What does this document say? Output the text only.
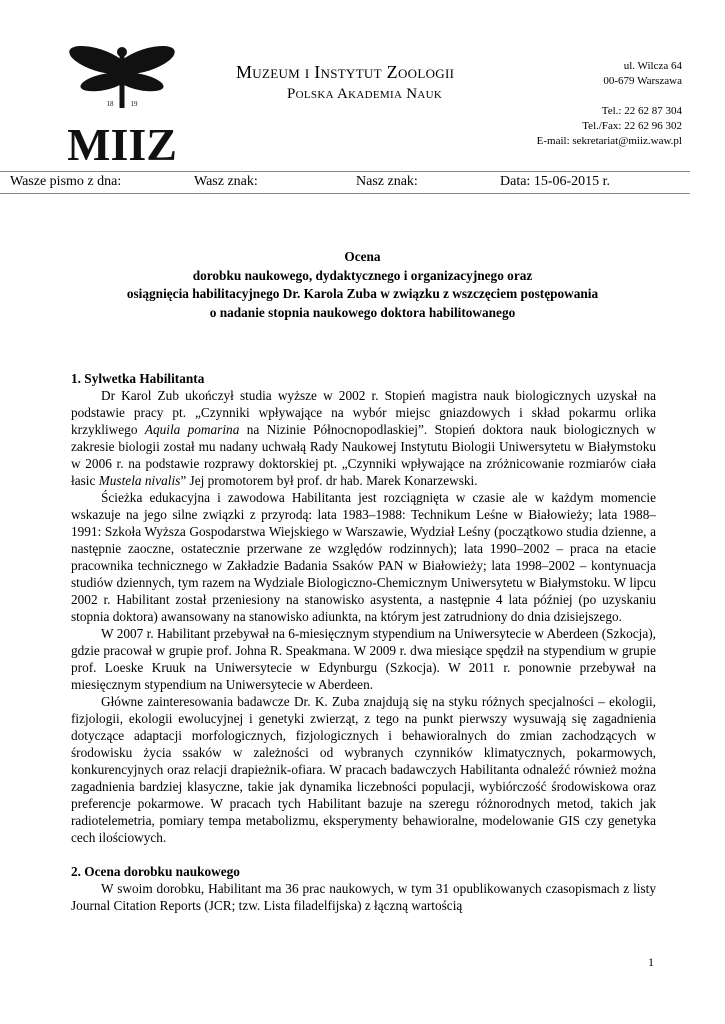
MIIZ
18 19
Muzeum i Instytut Zoologii
Polska Akademia Nauk
ul. Wilcza 64
00-679 Warszawa
Tel.: 22 62 87 304
Tel./Fax: 22 62 96 302
E-mail: sekretariat@miiz.waw.pl
Wasze pismo z dna:	Wasz znak:	Nasz znak:	Data: 15-06-2015 r.
Ocena
dorobku naukowego, dydaktycznego i organizacyjnego oraz
osiągnięcia habilitacyjnego Dr. Karola Zuba w związku z wszczęciem postępowania
o nadanie stopnia naukowego doktora habilitowanego
1. Sylwetka Habilitanta

Dr Karol Zub ukończył studia wyższe w 2002 r. Stopień magistra nauk biologicznych uzyskał na podstawie pracy pt. „Czynniki wpływające na wybór miejsc gniazdowych i skład pokarmu orlika krzykliwego Aquila pomarina na Nizinie Północnopodlaskiej”. Stopień doktora nauk biologicznych w zakresie biologii został mu nadany uchwałą Rady Naukowej Instytutu Biologii Uniwersytetu w Białymstoku w 2006 r. na podstawie rozprawy doktorskiej pt. „Czynniki wpływające na zróżnicowanie rozmiarów ciała łasic Mustela nivalis” Jej promotorem był prof. dr hab. Marek Konarzewski.

Ścieżka edukacyjna i zawodowa Habilitanta jest rozciągnięta w czasie ale w każdym momencie wskazuje na jego silne związki z przyrodą: lata 1983–1988: Technikum Leśne w Białowieży; lata 1988–1991: Szkoła Wyższa Gospodarstwa Wiejskiego w Warszawie, Wydział Leśny (początkowo studia dzienne, a następnie zaoczne, ostatecznie przerwane ze względów rodzinnych); lata 1990–2002 – praca na etacie pracownika technicznego w Zakładzie Badania Ssaków PAN w Białowieży; lata 1998–2002 – kontynuacja studiów dziennych, tym razem na Wydziale Biologiczno-Chemicznym Uniwersytetu w Białymstoku. W lipcu 2002 r. Habilitant został przeniesiony na stanowisko asystenta, a następnie 4 lata później (po uzyskaniu stopnia doktora) awansowany na stanowisko adiunkta, na którym jest zatrudniony do dnia dzisiejszego.

W 2007 r. Habilitant przebywał na 6-miesięcznym stypendium na Uniwersytecie w Aberdeen (Szkocja), gdzie pracował w grupie prof. Johna R. Speakmana. W 2009 r. dwa miesiące spędził na stypendium w grupie prof. Loeske Kruuk na Uniwersytecie w Edynburgu (Szkocja). W 2011 r. ponownie przebywał na miesięcznym stypendium na Uniwersytecie w Aberdeen.

Główne zainteresowania badawcze Dr. K. Zuba znajdują się na styku różnych specjalności – ekologii, fizjologii, ekologii ewolucyjnej i genetyki zwierząt, z tego na punkt pierwszy wysuwają się zagadnienia dotyczące adaptacji morfologicznych, fizjologicznych i behawioralnych do zmian zachodzących w środowisku życia ssaków w zależności od wybranych czynników klimatycznych, pokarmowych, konkurencyjnych oraz relacji drapieżnik-ofiara. W pracach badawczych Habilitanta odnaleźć również można zagadnienia bardziej klasyczne, takie jak dynamika liczebności populacji, wybiórczość środowiskowa oraz preferencje pokarmowe. W pracach tych Habilitant bazuje na szeregu różnorodnych metod, takich jak radiotelemetria, pomiary tempa metabolizmu, eksperymenty behawioralne, modelowanie GIS czy genetyka cech ilościowych.

2. Ocena dorobku naukowego

W swoim dorobku, Habilitant ma 36 prac naukowych, w tym 31 opublikowanych czasopismach z listy Journal Citation Reports (JCR; tzw. Lista filadelfijska) z łączną wartością

1
